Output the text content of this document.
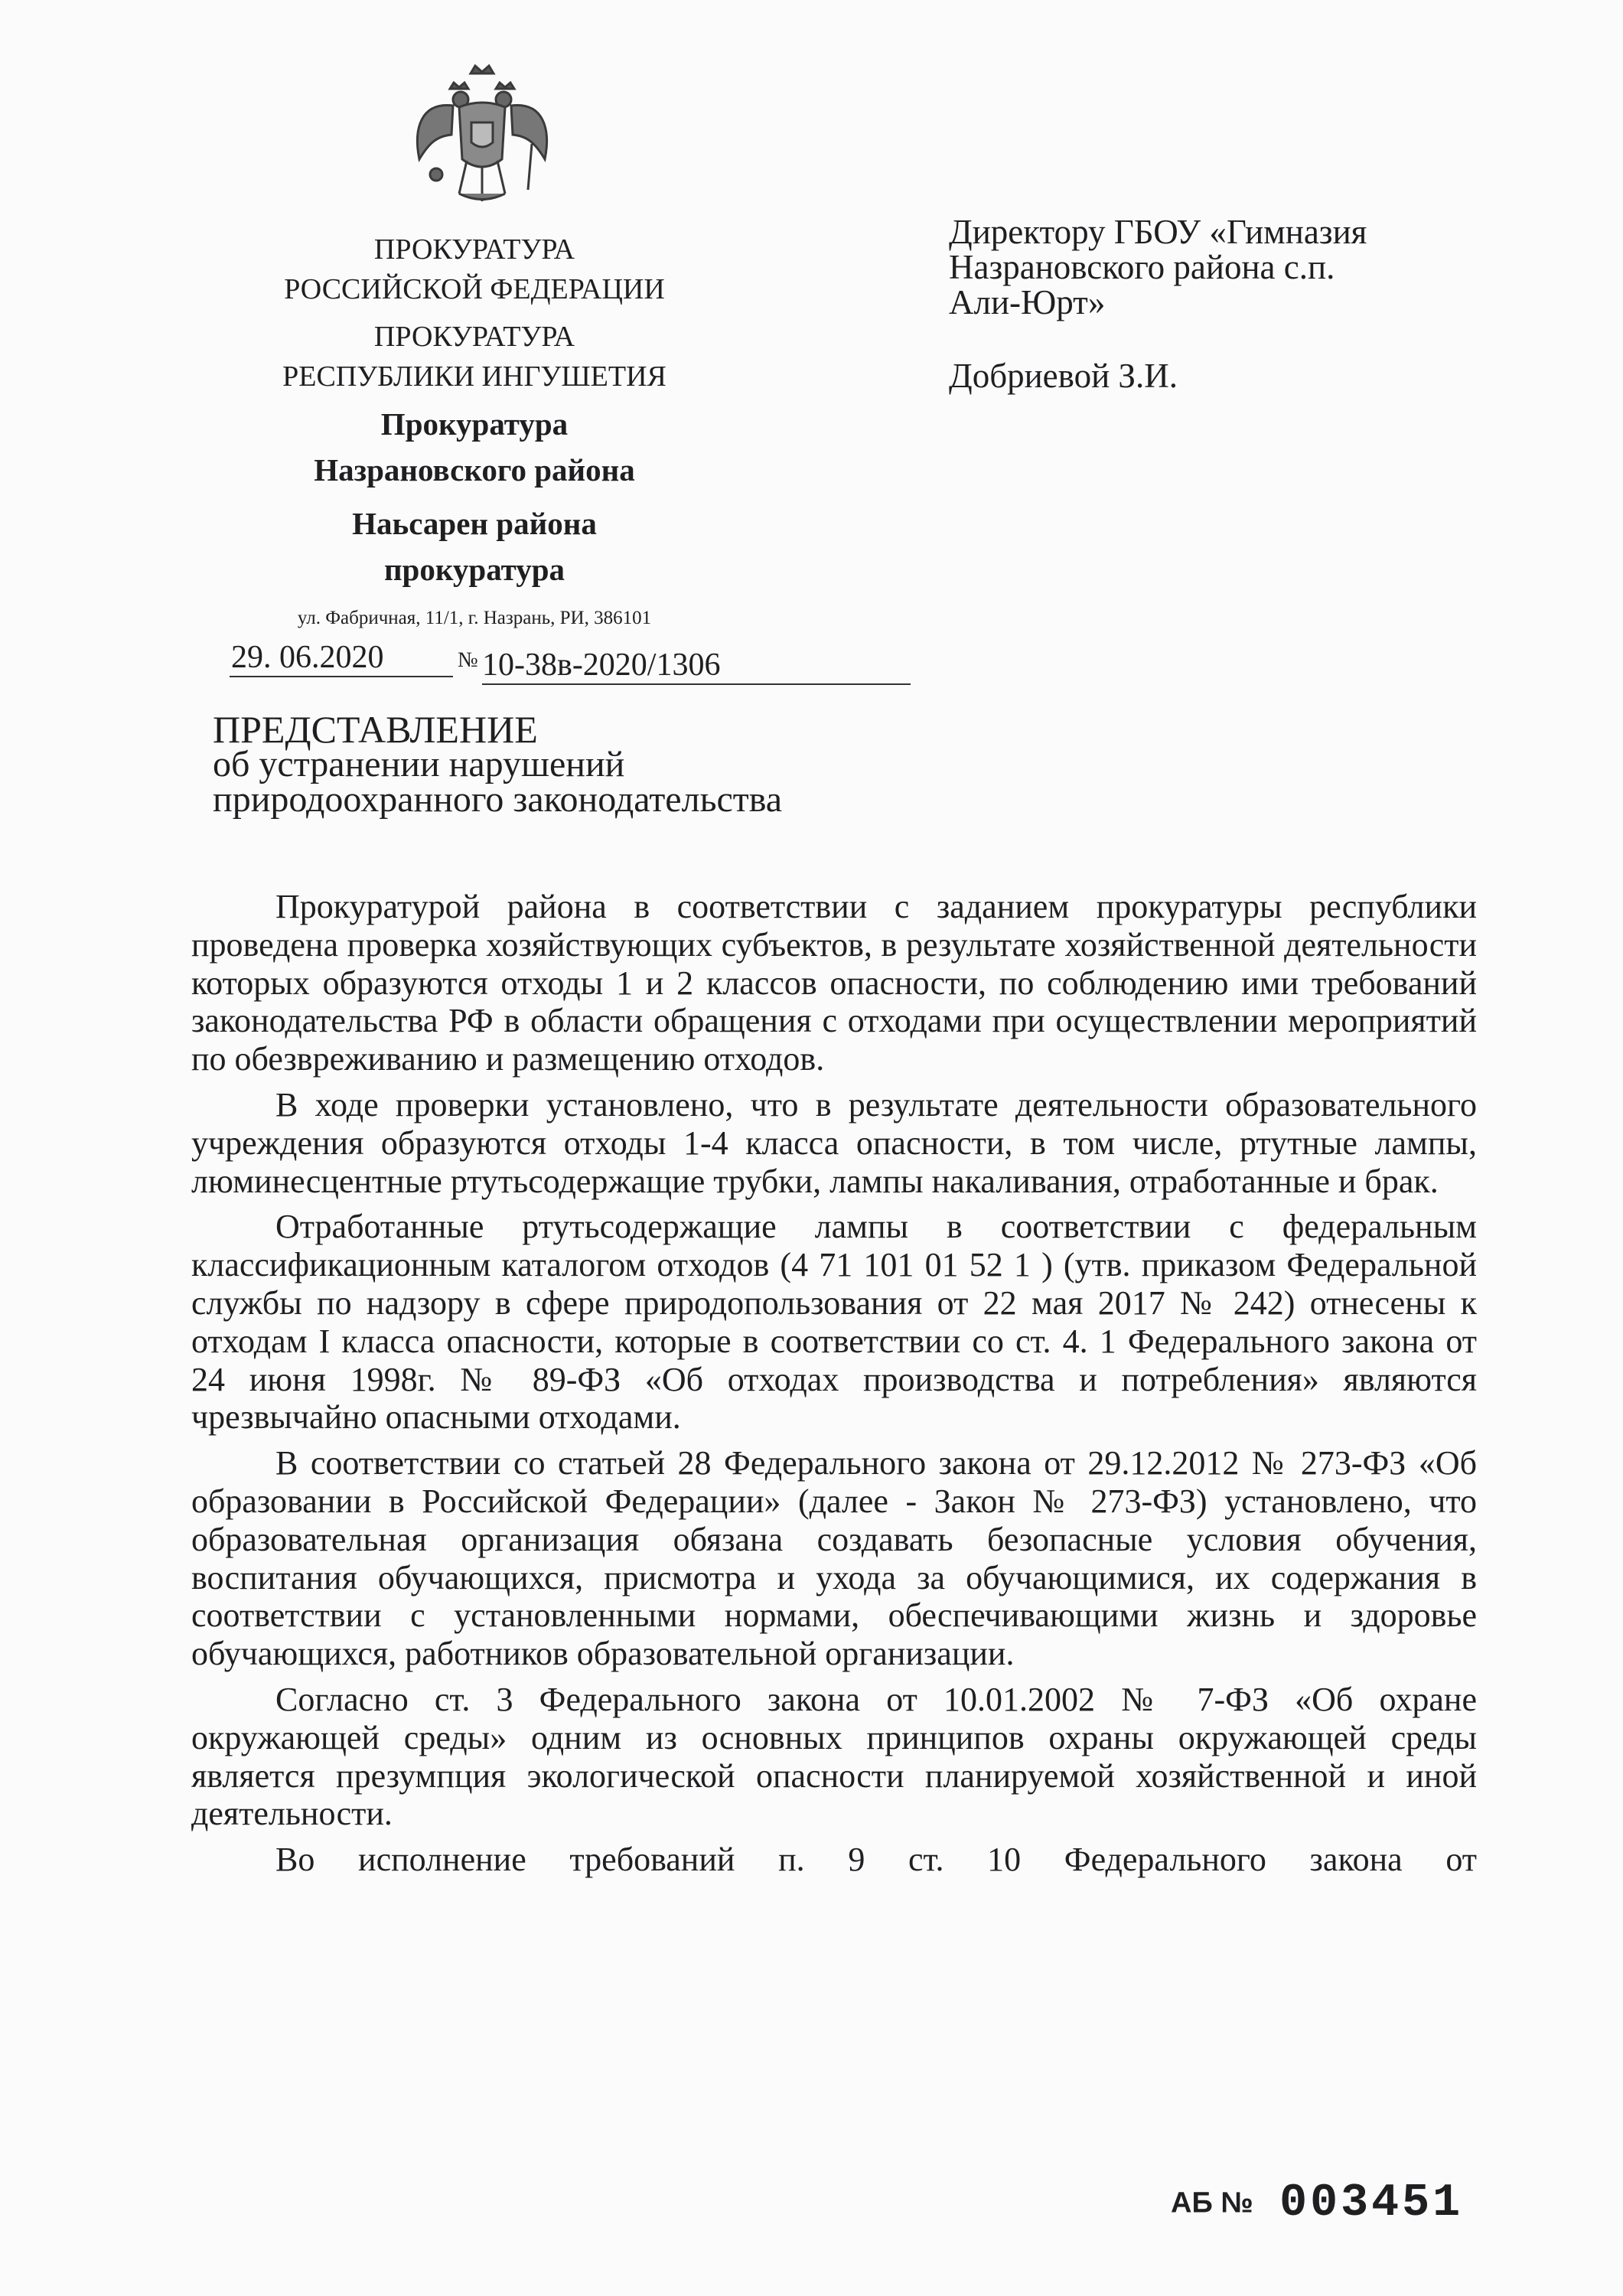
ПРОКУРАТУРА
РОССИЙСКОЙ ФЕДЕРАЦИИ
ПРОКУРАТУРА
РЕСПУБЛИКИ ИНГУШЕТИЯ
Прокуратура
Назрановского района
Наьсарен района
прокуратура
ул. Фабричная, 11/1, г. Назрань, РИ, 386101
29. 06.2020	№ 10-38в-2020/1306
Директору ГБОУ «Гимназия
Назрановского района с.п.
Али-Юрт»
Добриевой З.И.
ПРЕДСТАВЛЕНИЕ
об устранении нарушений
природоохранного законодательства

Прокуратурой района в соответствии с заданием прокуратуры республики проведена проверка хозяйствующих субъектов, в результате хозяйственной деятельности которых образуются отходы 1 и 2 классов опасности, по соблюдению ими требований законодательства РФ в области обращения с отходами при осуществлении мероприятий по обезвреживанию и размещению отходов.

В ходе проверки установлено, что в результате деятельности образовательного учреждения образуются отходы 1-4 класса опасности, в том числе, ртутные лампы, люминесцентные ртутьсодержащие трубки, лампы накаливания, отработанные и брак.

Отработанные ртутьсодержащие лампы в соответствии с федеральным классификационным каталогом отходов (4 71 101 01 52 1 ) (утв. приказом Федеральной службы по надзору в сфере природопользования от 22 мая 2017 № 242) отнесены к отходам I класса опасности, которые в соответствии со ст. 4. 1 Федерального закона от 24 июня 1998г. № 89-ФЗ «Об отходах производства и потребления» являются чрезвычайно опасными отходами.

В соответствии со статьей 28 Федерального закона от 29.12.2012 № 273-ФЗ «Об образовании в Российской Федерации» (далее - Закон № 273-ФЗ) установлено, что образовательная организация обязана создавать безопасные условия обучения, воспитания обучающихся, присмотра и ухода за обучающимися, их содержания в соответствии с установленными нормами, обеспечивающими жизнь и здоровье обучающихся, работников образовательной организации.

Согласно ст. 3 Федерального закона от 10.01.2002 № 7-ФЗ «Об охране окружающей среды» одним из основных принципов охраны окружающей среды является презумпция экологической опасности планируемой хозяйственной и иной деятельности.

Во исполнение требований п. 9 ст. 10 Федерального закона от

АБ № 003451
